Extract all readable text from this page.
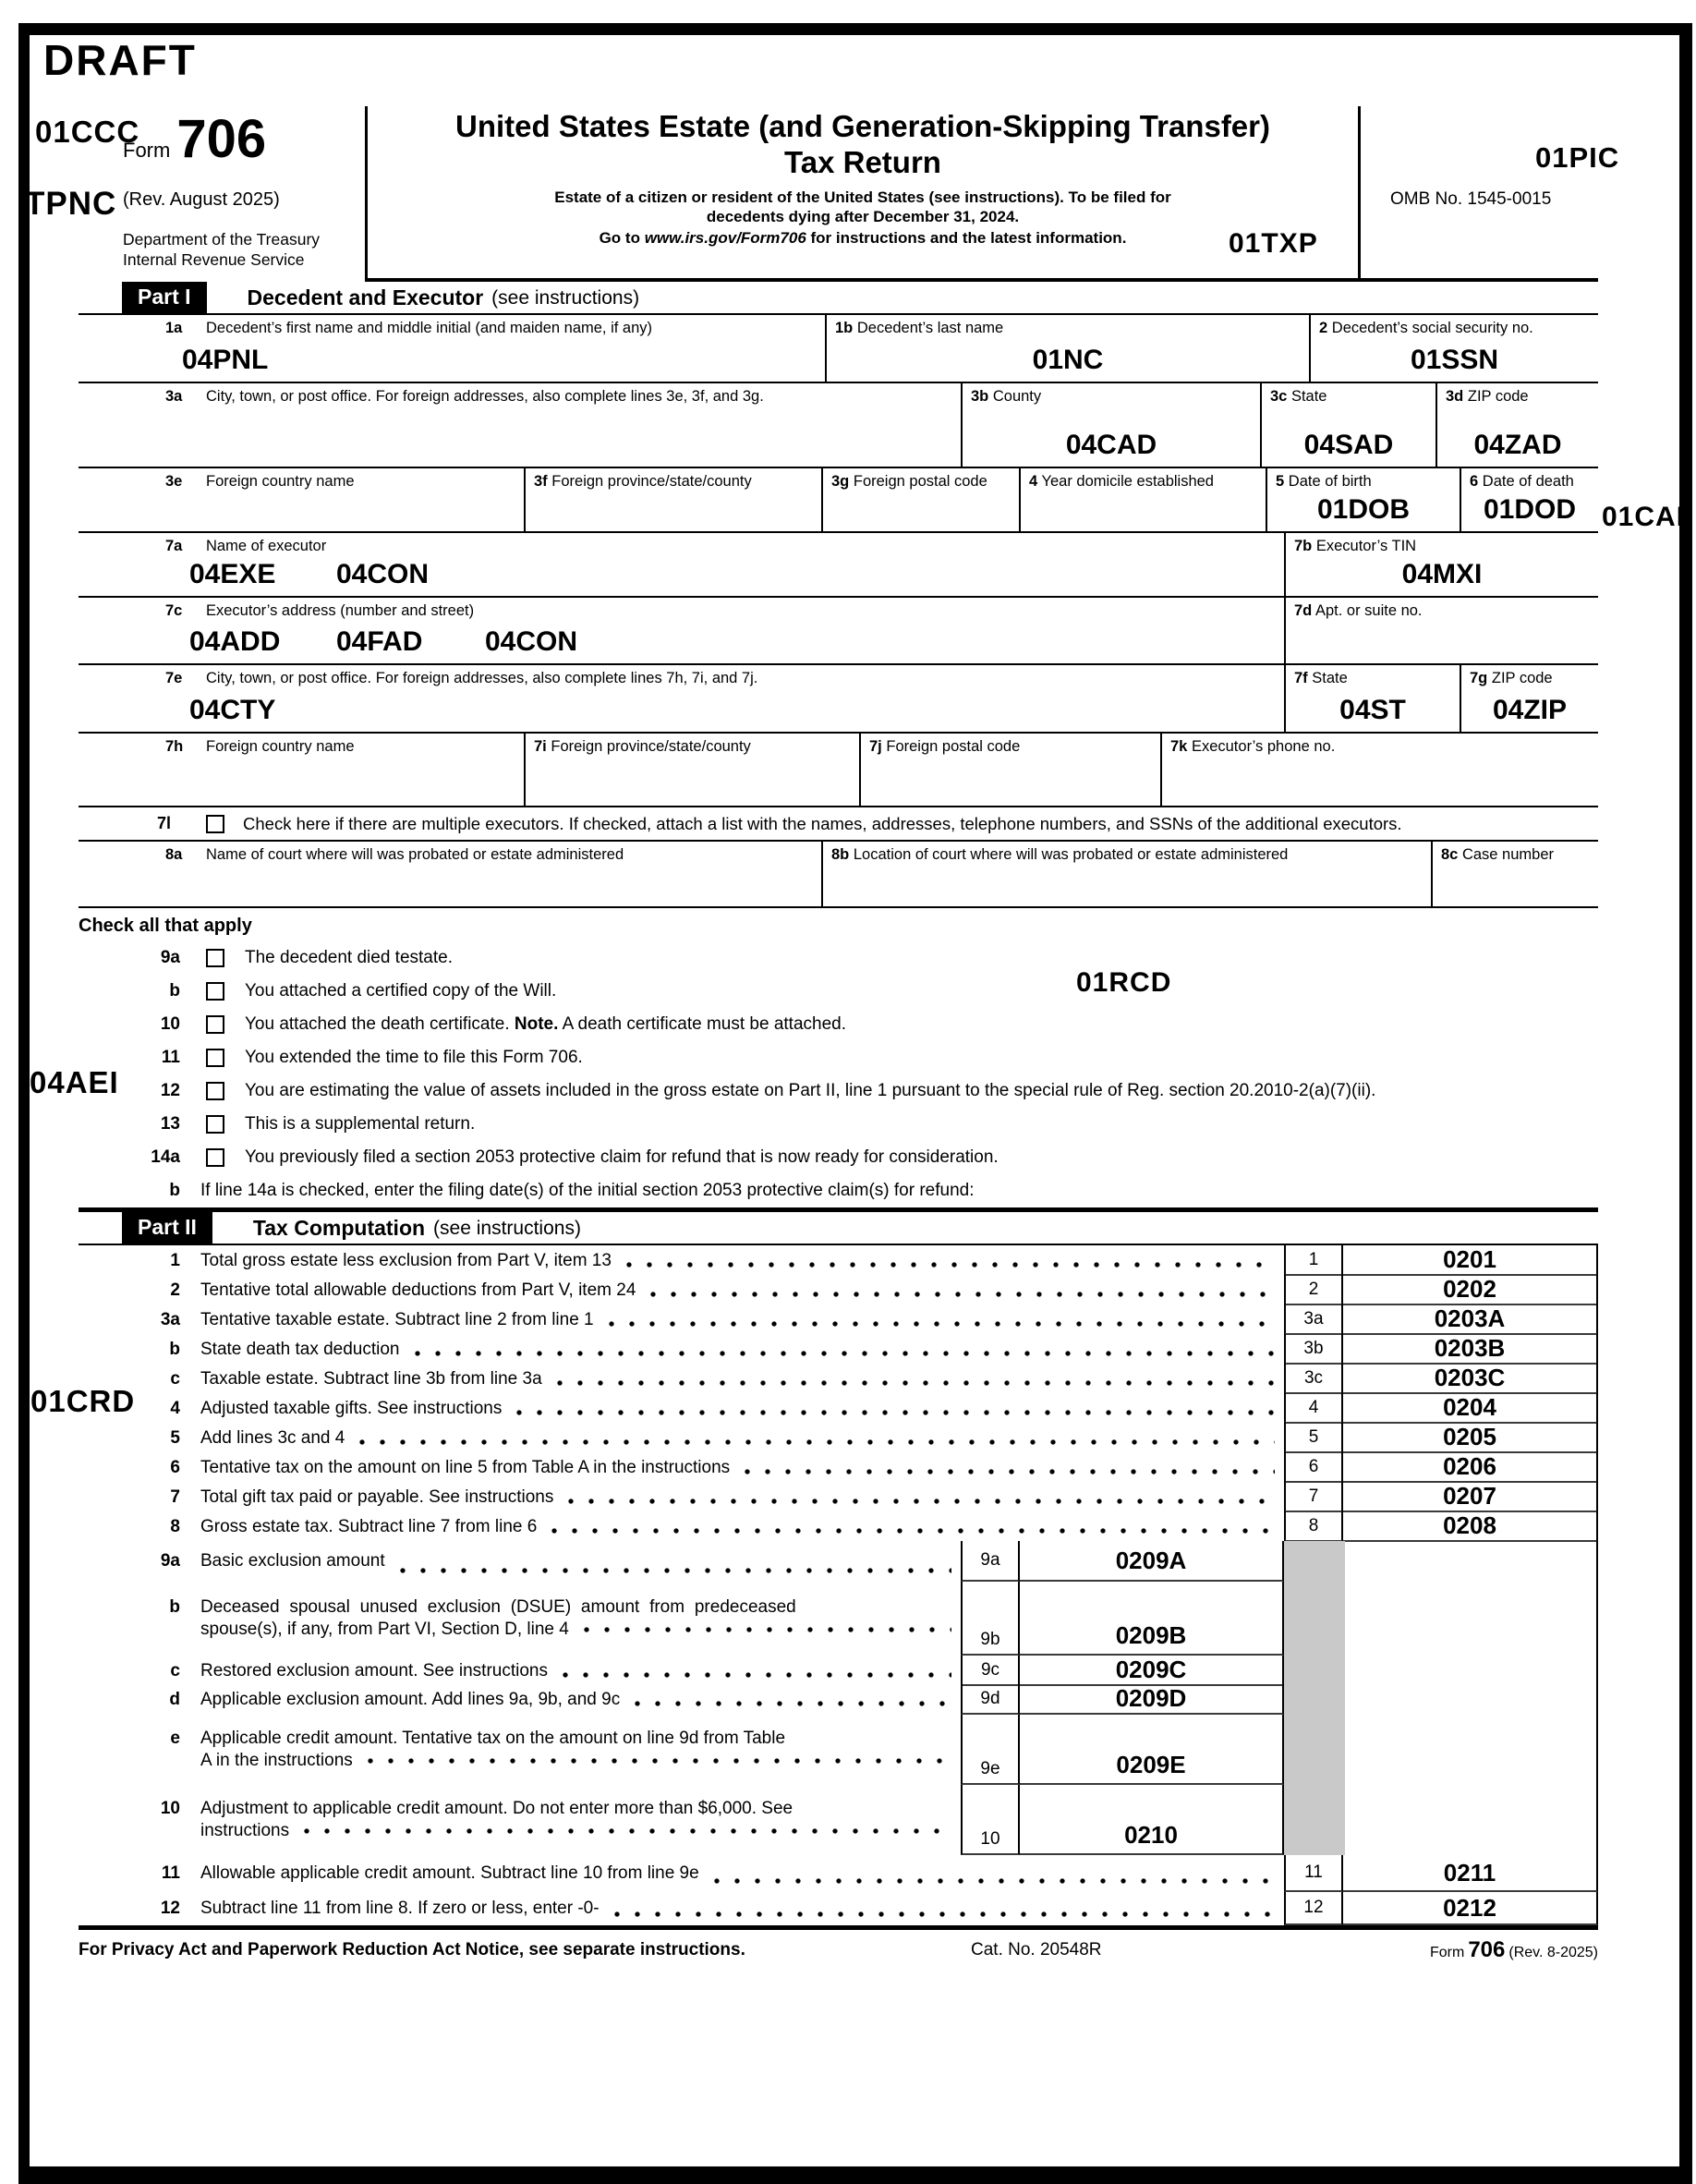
DRAFT
01CCC
TPNC
01TXP
01PIC
01CAF
01RCD
04AEI
01CRD
Form 706
(Rev. August 2025)
Department of the Treasury
Internal Revenue Service
United States Estate (and Generation-Skipping Transfer)
Tax Return
Estate of a citizen or resident of the United States (see instructions). To be filed for
decedents dying after December 31, 2024.
Go to www.irs.gov/Form706 for instructions and the latest information.
OMB No. 1545-0015
Part I	Decedent and Executor (see instructions)
1a	Decedent’s first name and middle initial (and maiden name, if any)
04PNL
1b Decedent’s last name
01NC
2 Decedent’s social security no.
01SSN
3a	City, town, or post office. For foreign addresses, also complete lines 3e, 3f, and 3g.	3b County
04CAD
3c State
04SAD
3d ZIP code
04ZAD
3e	Foreign country name	3f Foreign province/state/county	3g Foreign postal code	4 Year domicile established	5 Date of birth
01DOB
6 Date of death
01DOD
7a	Name of executor
04EXE 04CON
7b Executor’s TIN
04MXI
7c	Executor’s address (number and street)
04ADD 04FAD 04CON
7d Apt. or suite no.
7e	City, town, or post office. For foreign addresses, also complete lines 7h, 7i, and 7j.
04CTY
7f State
04ST
7g ZIP code
04ZIP
7h	Foreign country name	7i Foreign province/state/county	7j Foreign postal code	7k Executor’s phone no.
7l	Check here if there are multiple executors. If checked, attach a list with the names, addresses, telephone numbers, and SSNs of the additional executors.
8a	Name of court where will was probated or estate administered	8b Location of court where will was probated or estate administered	8c Case number
Check all that apply
9a	The decedent died testate.
b	You attached a certified copy of the Will.
10	You attached the death certificate. Note. A death certificate must be attached.
11	You extended the time to file this Form 706.
12	You are estimating the value of assets included in the gross estate on Part II, line 1 pursuant to the special rule of Reg. section 20.2010-2(a)(7)(ii).
13	This is a supplemental return.
14a	You previously filed a section 2053 protective claim for refund that is now ready for consideration.
b If line 14a is checked, enter the filing date(s) of the initial section 2053 protective claim(s) for refund:
Part II	Tax Computation (see instructions)
1 Total gross estate less exclusion from Part V, item 13	1	0201
2 Tentative total allowable deductions from Part V, item 24	2	0202
3a Tentative taxable estate. Subtract line 2 from line 1	3a	0203A
b State death tax deduction	3b	0203B
c Taxable estate. Subtract line 3b from line 3a	3c	0203C
4 Adjusted taxable gifts. See instructions	4	0204
5 Add lines 3c and 4	5	0205
6 Tentative tax on the amount on line 5 from Table A in the instructions	6	0206
7 Total gift tax paid or payable. See instructions	7	0207
8 Gross estate tax. Subtract line 7 from line 6	8	0208
9a Basic exclusion amount	9a	0209A
b Deceased spousal unused exclusion (DSUE) amount from predeceased
spouse(s), if any, from Part VI, Section D, line 4
9b	0209B
c Restored exclusion amount. See instructions	9c	0209C
d Applicable exclusion amount. Add lines 9a, 9b, and 9c	9d	0209D
e Applicable credit amount. Tentative tax on the amount on line 9d from Table
A in the instructions	9e	0209E
10 Adjustment to applicable credit amount. Do not enter more than $6,000. See
instructions	10	0210
11 Allowable applicable credit amount. Subtract line 10 from line 9e	11	0211
12 Subtract line 11 from line 8. If zero or less, enter -0-	12	0212
For Privacy Act and Paperwork Reduction Act Notice, see separate instructions.	Cat. No. 20548R	Form 706 (Rev. 8-2025)
